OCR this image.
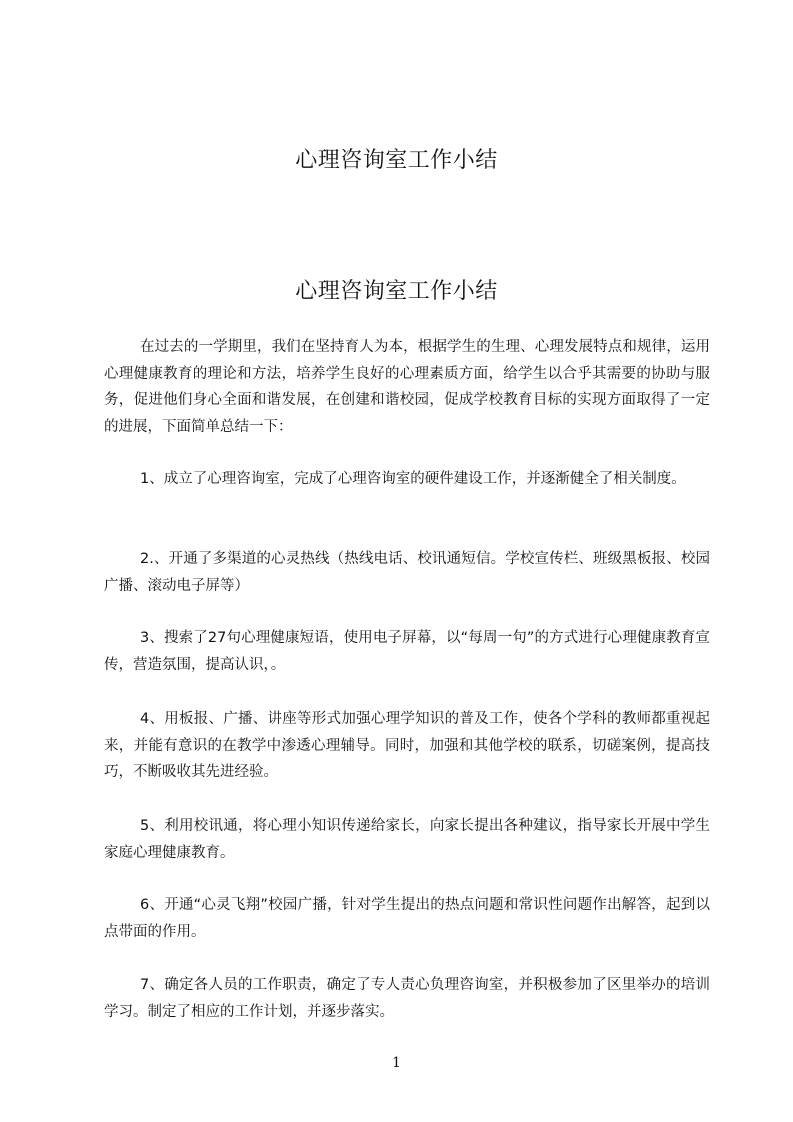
心理咨询室工作小结
心理咨询室工作小结

在过去的一学期里，我们在坚持育人为本，根据学生的生理、心理发展特点和规律，运用心理健康教育的理论和方法，培养学生良好的心理素质方面，给学生以合乎其需要的协助与服务，促进他们身心全面和谐发展，在创建和谐校园，促成学校教育目标的实现方面取得了一定的进展，下面简单总结一下：

1、成立了心理咨询室，完成了心理咨询室的硬件建设工作，并逐渐健全了相关制度。

2.、开通了多渠道的心灵热线（热线电话、校讯通短信。学校宣传栏、班级黑板报、校园广播、滚动电子屏等）

3、搜索了27句心理健康短语，使用电子屏幕，以“每周一句”的方式进行心理健康教育宣传，营造氛围，提高认识，。

4、用板报、广播、讲座等形式加强心理学知识的普及工作，使各个学科的教师都重视起来，并能有意识的在教学中渗透心理辅导。同时，加强和其他学校的联系，切磋案例，提高技巧，不断吸收其先进经验。

5、利用校讯通，将心理小知识传递给家长，向家长提出各种建议，指导家长开展中学生家庭心理健康教育。

6、开通“心灵飞翔”校园广播，针对学生提出的热点问题和常识性问题作出解答，起到以点带面的作用。

7、确定各人员的工作职责，确定了专人责心负理咨询室，并积极参加了区里举办的培训学习。制定了相应的工作计划，并逐步落实。

1
